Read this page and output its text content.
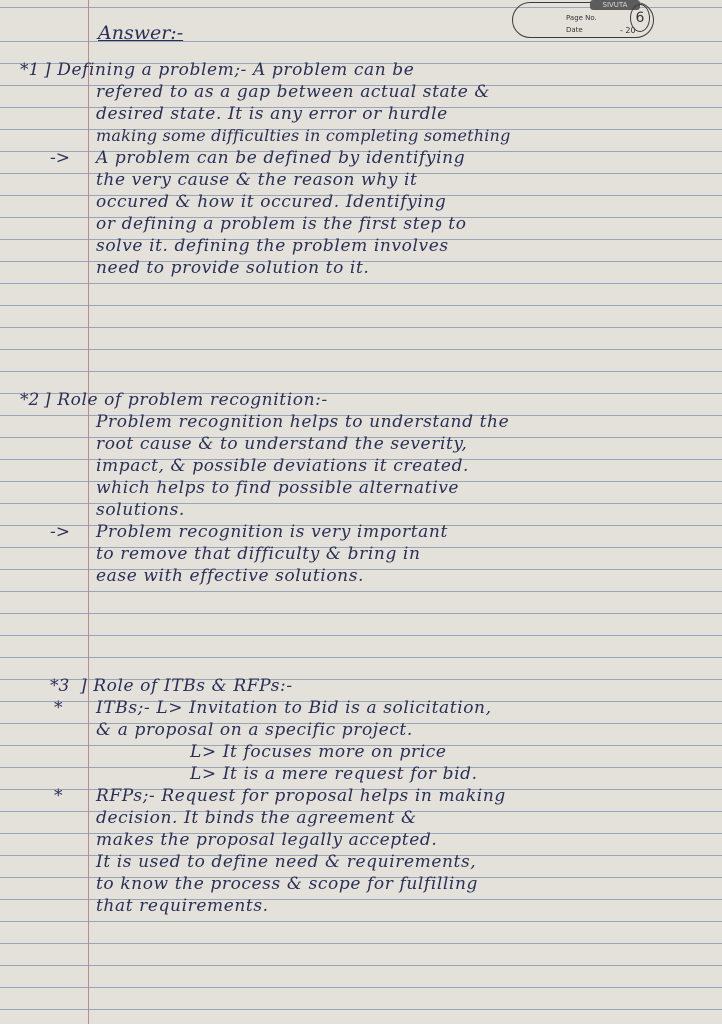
SIVUTA
Page No.
Date	- 20
6
Answer:-
*1 ] Defining a problem;- A problem can be
refered to as a gap between actual state &
desired state. It is any error or hurdle
making some difficulties in completing something
-> A problem can be defined by identifying
the very cause & the reason why it
occured & how it occured. Identifying
or defining a problem is the first step to
solve it. defining the problem involves
need to provide solution to it.
*2 ] Role of problem recognition:-
Problem recognition helps to understand the
root cause & to understand the severity,
impact, & possible deviations it created.
which helps to find possible alternative
solutions.
-> Problem recognition is very important
to remove that difficulty & bring in
ease with effective solutions.
*3 ] Role of ITBs & RFPs:-
* ITBs;- L> Invitation to Bid is a solicitation,
& a proposal on a specific project.
L> It focuses more on price
L> It is a mere request for bid.
* RFPs;- Request for proposal helps in making
decision. It binds the agreement &
makes the proposal legally accepted.
It is used to define need & requirements,
to know the process & scope for fulfilling
that requirements.
